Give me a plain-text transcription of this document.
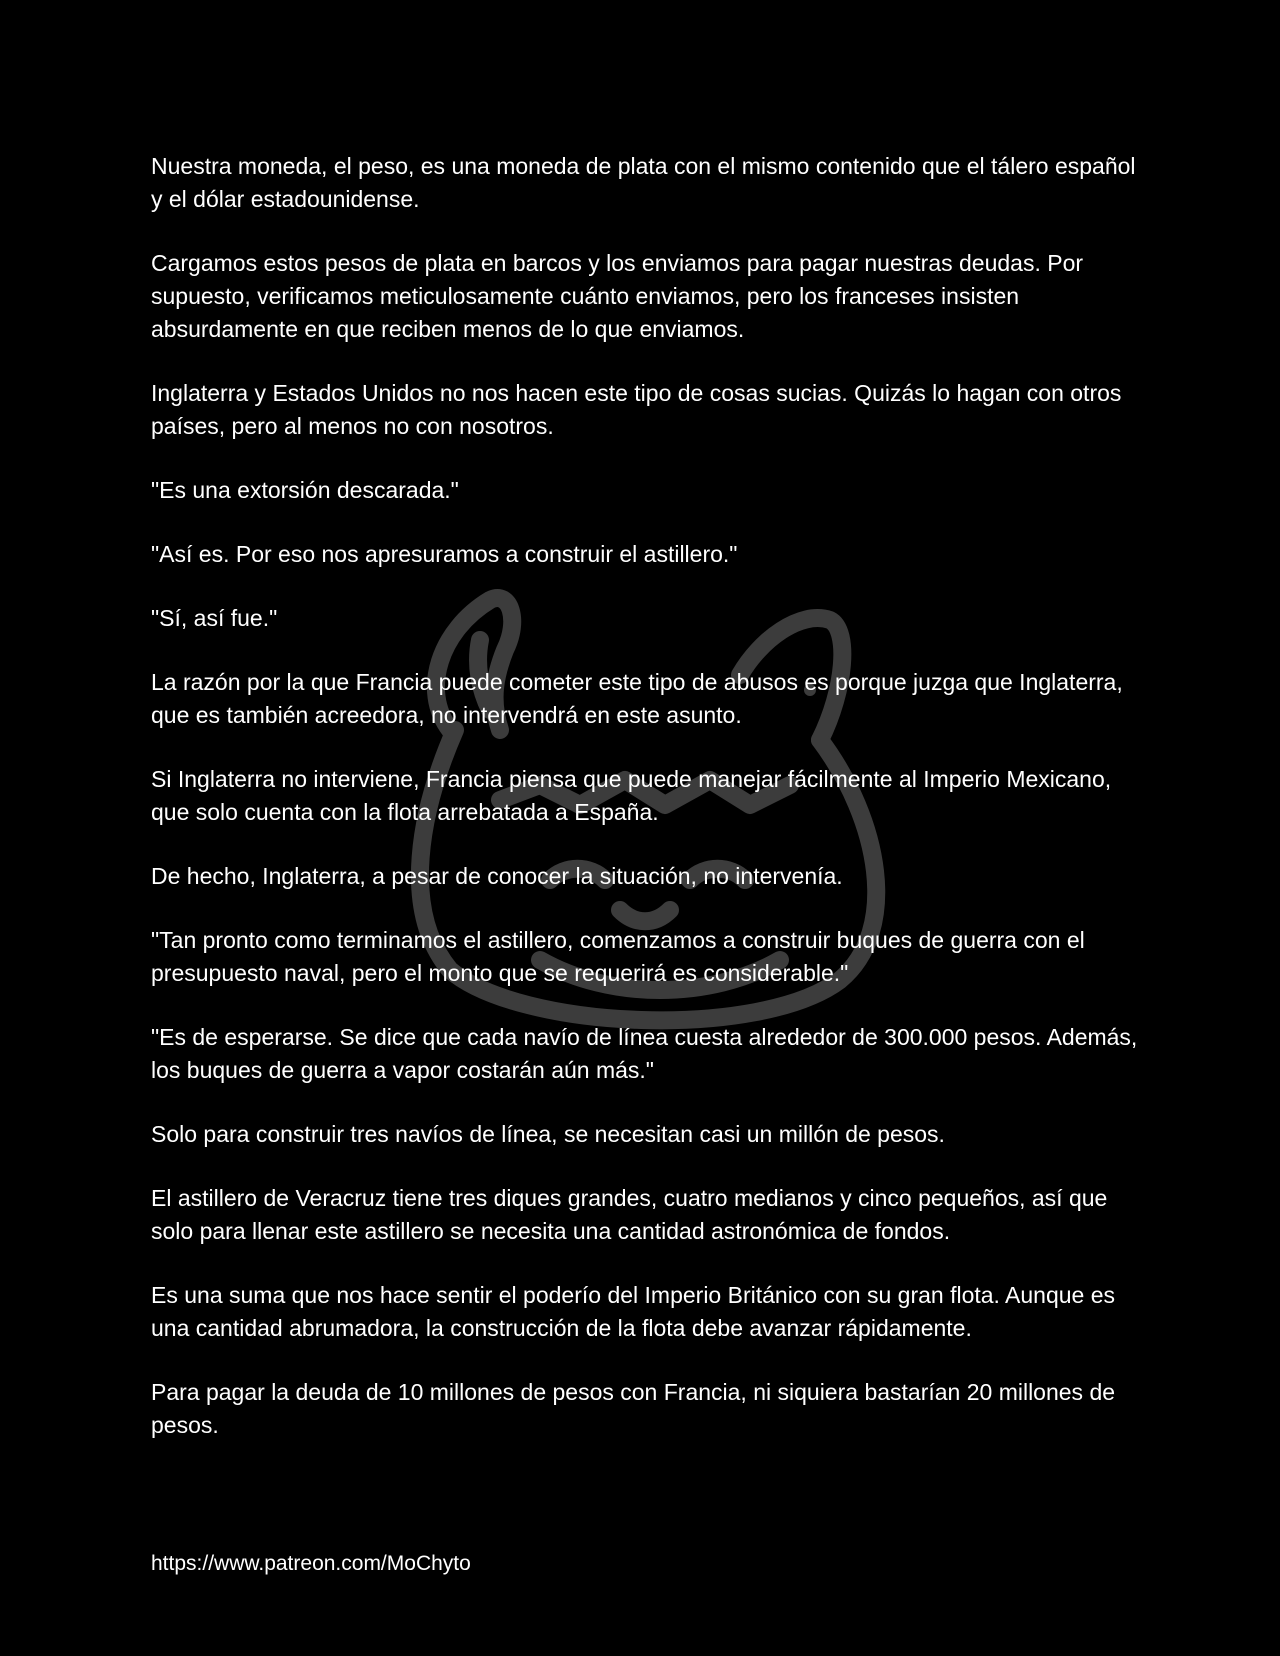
Nuestra moneda, el peso, es una moneda de plata con el mismo contenido que el tálero español y el dólar estadounidense.

Cargamos estos pesos de plata en barcos y los enviamos para pagar nuestras deudas. Por supuesto, verificamos meticulosamente cuánto enviamos, pero los franceses insisten absurdamente en que reciben menos de lo que enviamos.

Inglaterra y Estados Unidos no nos hacen este tipo de cosas sucias. Quizás lo hagan con otros países, pero al menos no con nosotros.

"Es una extorsión descarada."

"Así es. Por eso nos apresuramos a construir el astillero."

"Sí, así fue."

La razón por la que Francia puede cometer este tipo de abusos es porque juzga que Inglaterra, que es también acreedora, no intervendrá en este asunto.

Si Inglaterra no interviene, Francia piensa que puede manejar fácilmente al Imperio Mexicano, que solo cuenta con la flota arrebatada a España.

De hecho, Inglaterra, a pesar de conocer la situación, no intervenía.

"Tan pronto como terminamos el astillero, comenzamos a construir buques de guerra con el presupuesto naval, pero el monto que se requerirá es considerable."

"Es de esperarse. Se dice que cada navío de línea cuesta alrededor de 300.000 pesos. Además, los buques de guerra a vapor costarán aún más."

Solo para construir tres navíos de línea, se necesitan casi un millón de pesos.

El astillero de Veracruz tiene tres diques grandes, cuatro medianos y cinco pequeños, así que solo para llenar este astillero se necesita una cantidad astronómica de fondos.

Es una suma que nos hace sentir el poderío del Imperio Británico con su gran flota. Aunque es una cantidad abrumadora, la construcción de la flota debe avanzar rápidamente.

Para pagar la deuda de 10 millones de pesos con Francia, ni siquiera bastarían 20 millones de pesos.

https://www.patreon.com/MoChyto
